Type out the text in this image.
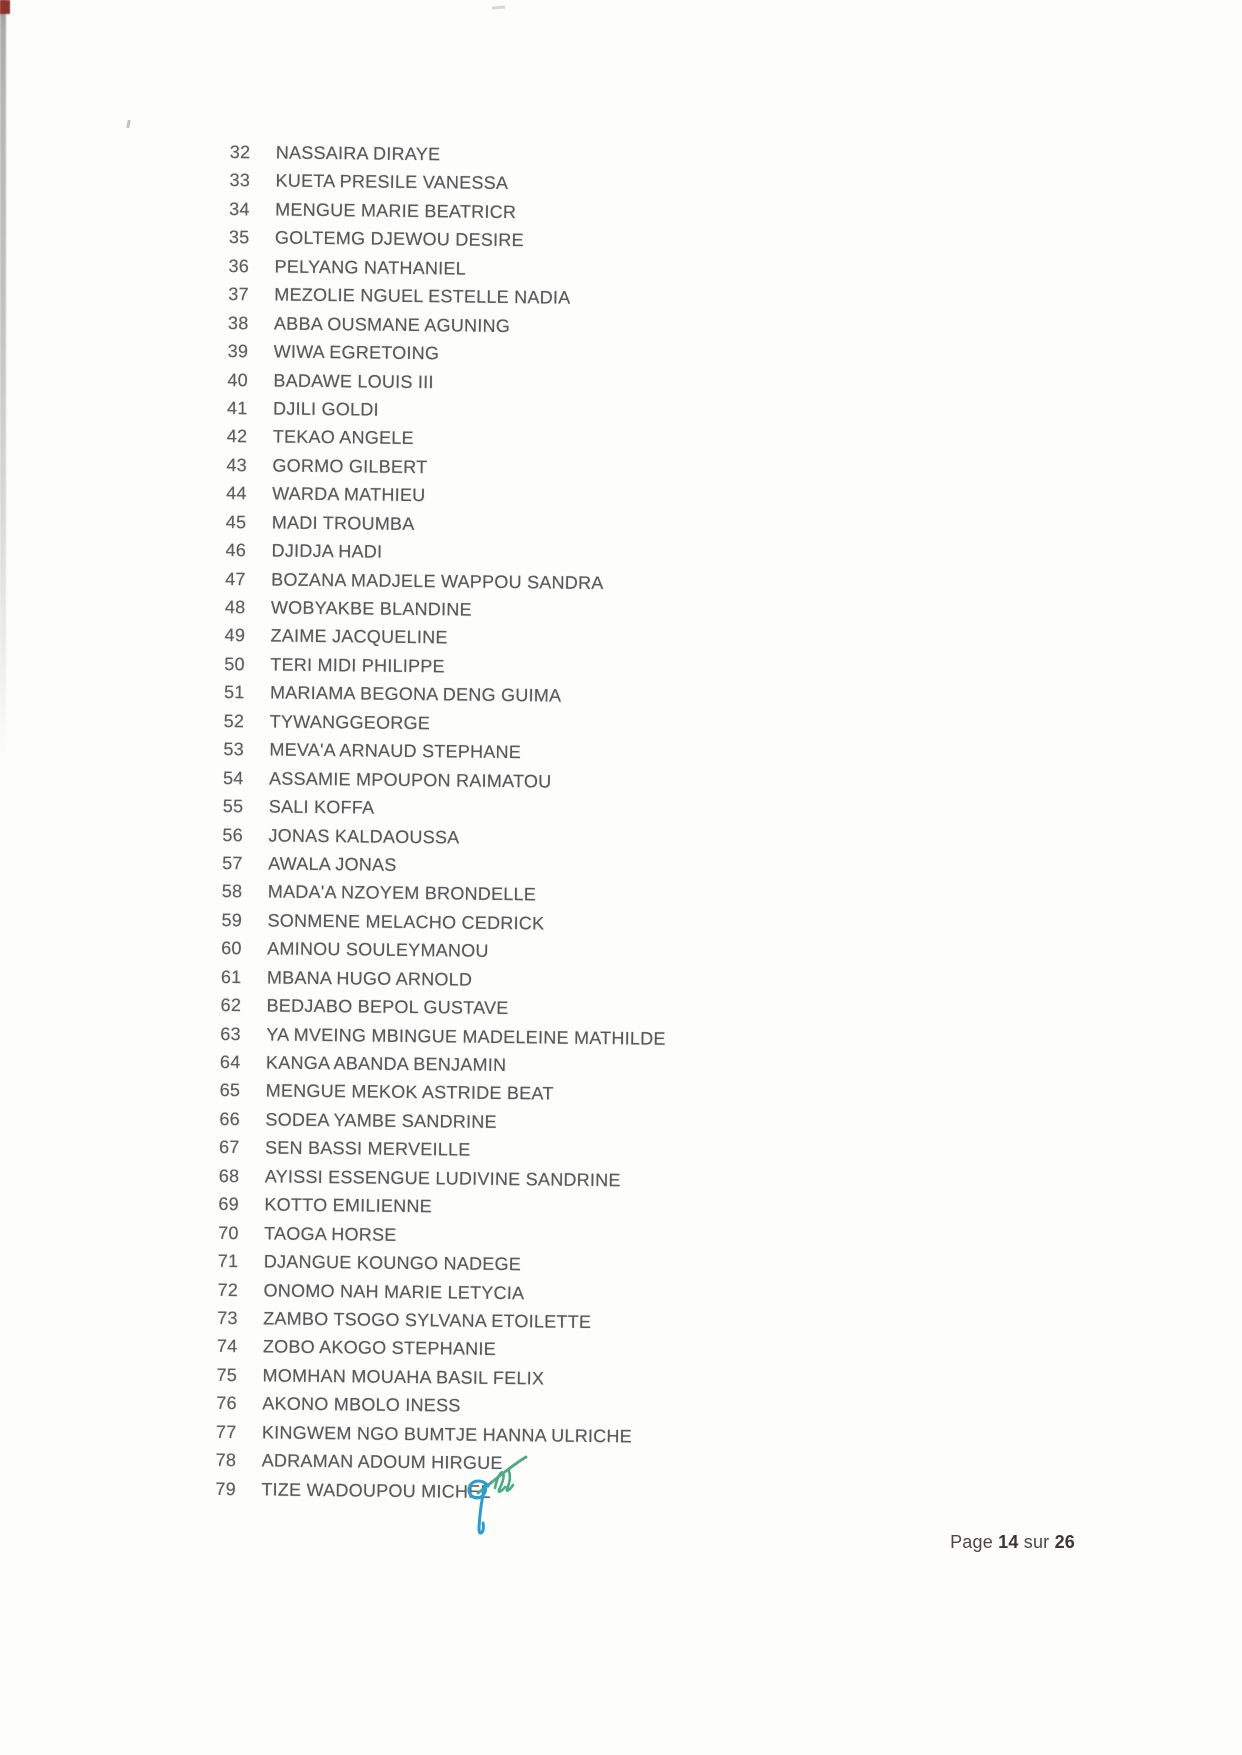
32 NASSAIRA DIRAYE
33 KUETA PRESILE VANESSA
34 MENGUE MARIE BEATRICR
35 GOLTEMG DJEWOU DESIRE
36 PELYANG NATHANIEL
37 MEZOLIE NGUEL ESTELLE NADIA
38 ABBA OUSMANE AGUNING
39 WIWA EGRETOING
40 BADAWE LOUIS III
41 DJILI GOLDI
42 TEKAO ANGELE
43 GORMO GILBERT
44 WARDA MATHIEU
45 MADI TROUMBA
46 DJIDJA HADI
47 BOZANA MADJELE WAPPOU SANDRA
48 WOBYAKBE BLANDINE
49 ZAIME JACQUELINE
50 TERI MIDI PHILIPPE
51 MARIAMA BEGONA DENG GUIMA
52 TYWANGGEORGE
53 MEVA'A ARNAUD STEPHANE
54 ASSAMIE MPOUPON RAIMATOU
55 SALI KOFFA
56 JONAS KALDAOUSSA
57 AWALA JONAS
58 MADA'A NZOYEM BRONDELLE
59 SONMENE MELACHO CEDRICK
60 AMINOU SOULEYMANOU
61 MBANA HUGO ARNOLD
62 BEDJABO BEPOL GUSTAVE
63 YA MVEING MBINGUE MADELEINE MATHILDE
64 KANGA ABANDA BENJAMIN
65 MENGUE MEKOK ASTRIDE BEAT
66 SODEA YAMBE SANDRINE
67 SEN BASSI MERVEILLE
68 AYISSI ESSENGUE LUDIVINE SANDRINE
69 KOTTO EMILIENNE
70 TAOGA HORSE
71 DJANGUE KOUNGO NADEGE
72 ONOMO NAH MARIE LETYCIA
73 ZAMBO TSOGO SYLVANA ETOILETTE
74 ZOBO AKOGO STEPHANIE
75 MOMHAN MOUAHA BASIL FELIX
76 AKONO MBOLO INESS
77 KINGWEM NGO BUMTJE HANNA ULRICHE
78 ADRAMAN ADOUM HIRGUE
79 TIZE WADOUPOU MICHEL
Page 14 sur 26
